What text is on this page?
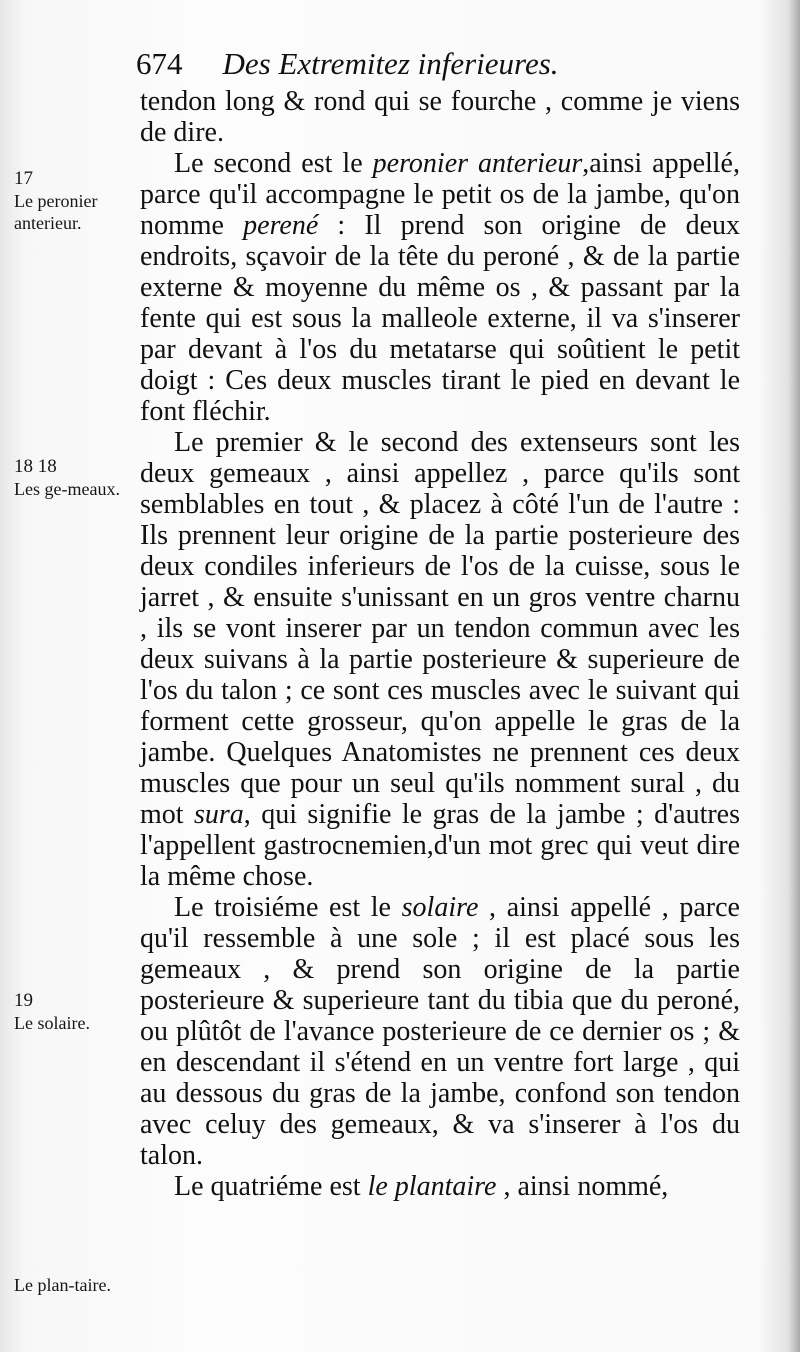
674 Des Extremitez inferieures.
17
Le peronier anterieur.
18 18
Les ge-meaux.
19
Le solaire.
Le plan-taire.

tendon long & rond qui se fourche , comme je viens de dire.

Le second est le peronier anterieur,ainsi appellé, parce qu'il accompagne le petit os de la jambe, qu'on nomme perené : Il prend son origine de deux endroits, sçavoir de la tête du peroné , & de la partie externe & moyenne du même os , & passant par la fente qui est sous la malleole externe, il va s'inserer par devant à l'os du metatarse qui soûtient le petit doigt : Ces deux muscles tirant le pied en devant le font fléchir.

Le premier & le second des extenseurs sont les deux gemeaux , ainsi appellez , parce qu'ils sont semblables en tout , & placez à côté l'un de l'autre : Ils prennent leur origine de la partie posterieure des deux condiles inferieurs de l'os de la cuisse, sous le jarret , & ensuite s'unissant en un gros ventre charnu , ils se vont inserer par un tendon commun avec les deux suivans à la partie posterieure & superieure de l'os du talon ; ce sont ces muscles avec le suivant qui forment cette grosseur, qu'on appelle le gras de la jambe. Quelques Anatomistes ne prennent ces deux muscles que pour un seul qu'ils nomment sural , du mot sura, qui signifie le gras de la jambe ; d'autres l'appellent gastrocnemien,d'un mot grec qui veut dire la même chose.

Le troisiéme est le solaire , ainsi appellé , parce qu'il ressemble à une sole ; il est placé sous les gemeaux , & prend son origine de la partie posterieure & superieure tant du tibia que du peroné, ou plûtôt de l'avance posterieure de ce dernier os ; & en descendant il s'étend en un ventre fort large , qui au dessous du gras de la jambe, confond son tendon avec celuy des gemeaux, & va s'inserer à l'os du talon.

Le quatriéme est le plantaire , ainsi nommé,
